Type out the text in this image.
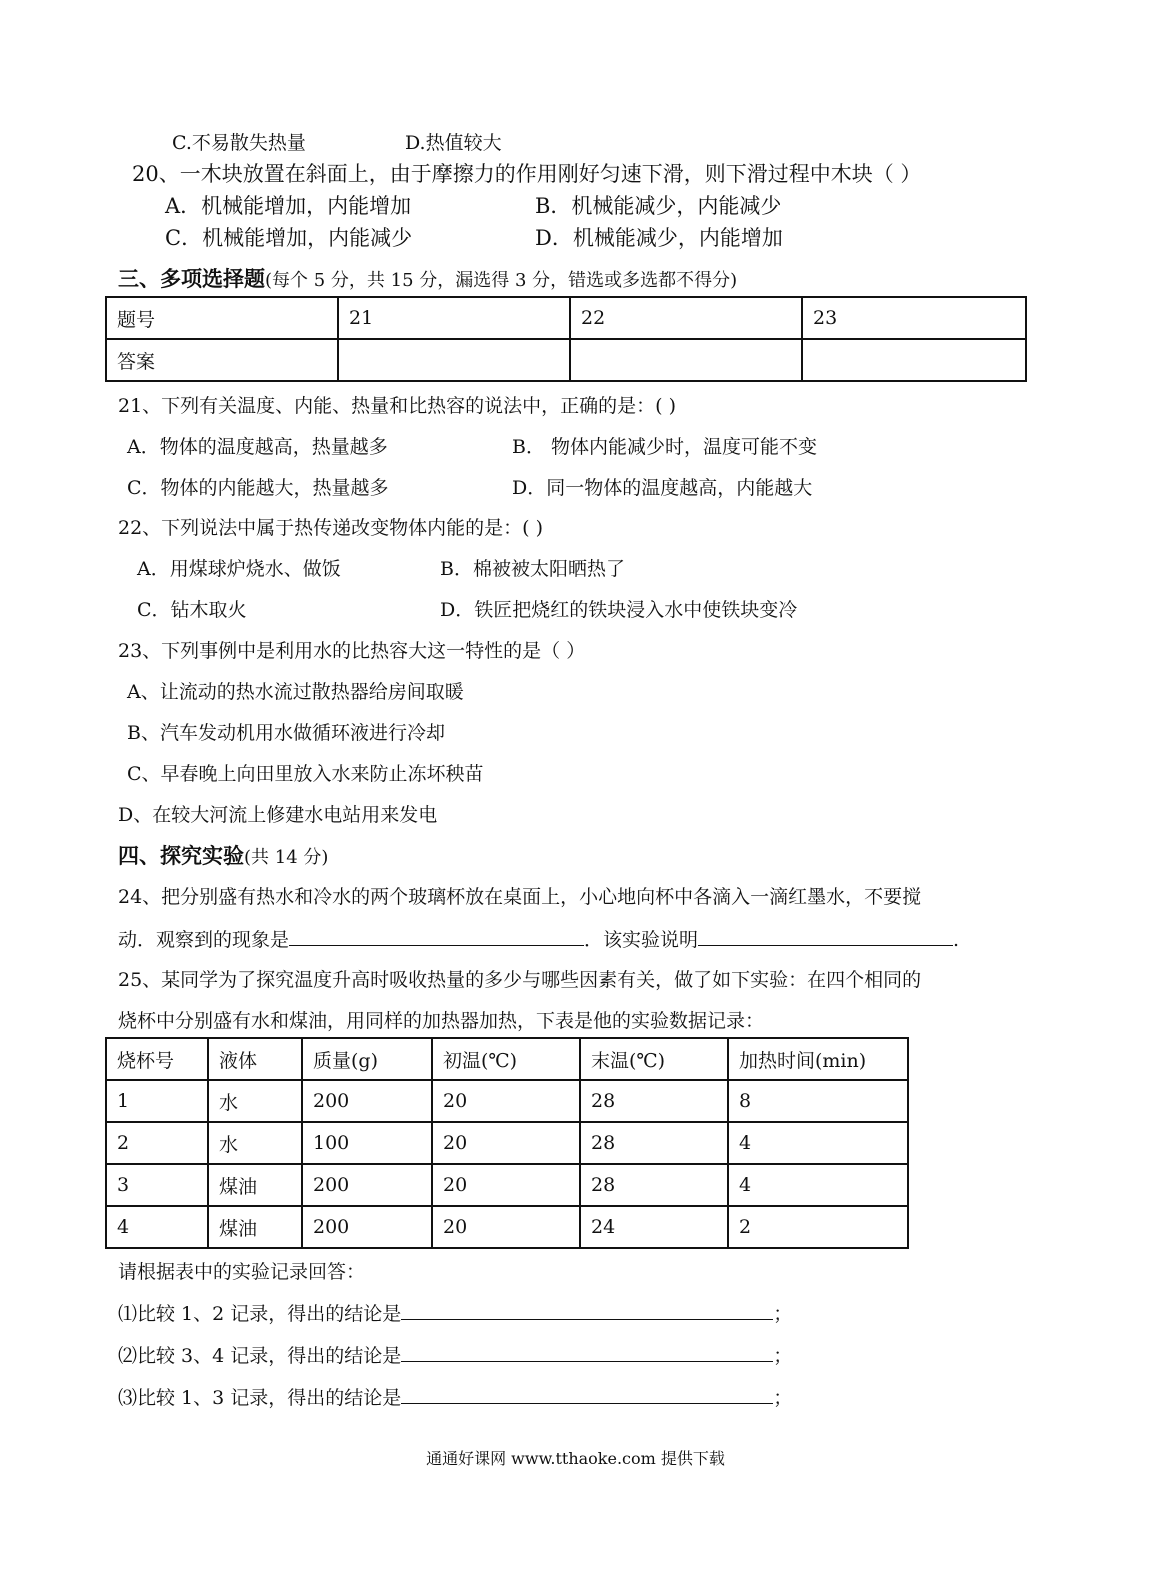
C.不易散失热量	D.热值较大
20、一木块放置在斜面上，由于摩擦力的作用刚好匀速下滑，则下滑过程中木块（ ）
A．机械能增加，内能增加	B．机械能减少，内能减少
C．机械能增加，内能减少	D．机械能减少，内能增加
三、多项选择题(每个 5 分，共 15 分，漏选得 3 分，错选或多选都不得分)
题号	21	22	23
答案			
21、下列有关温度、内能、热量和比热容的说法中，正确的是：( )
A．物体的温度越高，热量越多	B． 物体内能减少时，温度可能不变
C．物体的内能越大，热量越多	D．同一物体的温度越高，内能越大
22、下列说法中属于热传递改变物体内能的是：( )
A．用煤球炉烧水、做饭	B．棉被被太阳晒热了
C．钻木取火	D．铁匠把烧红的铁块浸入水中使铁块变冷
23、下列事例中是利用水的比热容大这一特性的是（ ）
A、让流动的热水流过散热器给房间取暖
B、汽车发动机用水做循环液进行冷却
C、早春晚上向田里放入水来防止冻坏秧苗
D、在较大河流上修建水电站用来发电
四、探究实验(共 14 分)
24、把分别盛有热水和冷水的两个玻璃杯放在桌面上，小心地向杯中各滴入一滴红墨水，不要搅
动．观察到的现象是	．该实验说明	.
25、某同学为了探究温度升高时吸收热量的多少与哪些因素有关，做了如下实验：在四个相同的
烧杯中分别盛有水和煤油，用同样的加热器加热，下表是他的实验数据记录：
烧杯号	液体	质量(g)	初温(℃)	末温(℃)	加热时间(min)
1	水	200	20	28	8
2	水	100	20	28	4
3	煤油	200	20	28	4
4	煤油	200	20	24	2
请根据表中的实验记录回答：
⑴比较 1、2 记录，得出的结论是	；
⑵比较 3、4 记录，得出的结论是	；
⑶比较 1、3 记录，得出的结论是	；
通通好课网 www.tthaoke.com 提供下载
